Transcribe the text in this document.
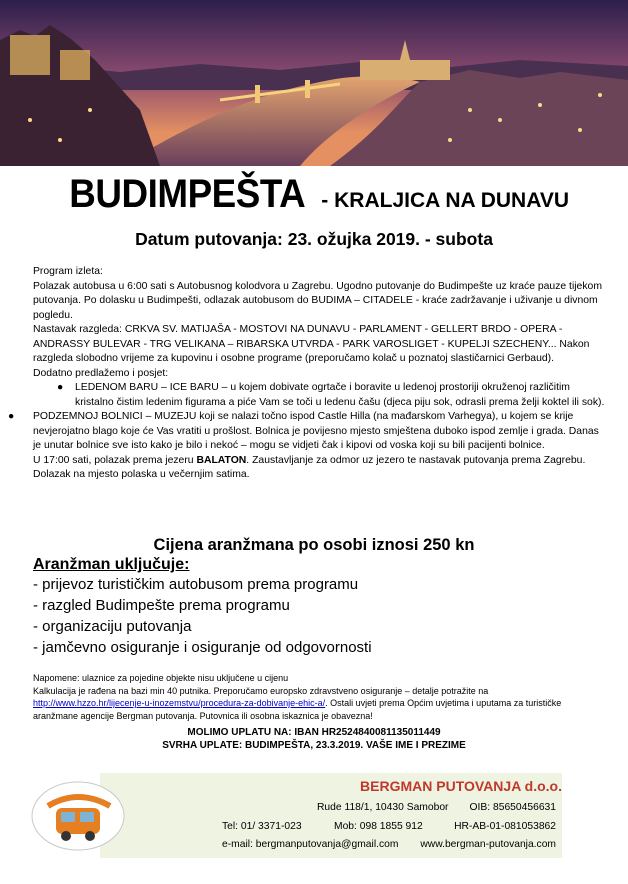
BUDIMPEŠTA - KRALJICA NA DUNAVU
Datum putovanja: 23. ožujka 2019. - subota

Program izleta:

Polazak autobusa u 6:00 sati s Autobusnog kolodvora u Zagrebu. Ugodno putovanje do Budimpešte uz kraće pauze tijekom putovanja. Po dolasku u Budimpešti, odlazak autobusom do BUDIMA – CITADELE - kraće zadržavanje i uživanje u divnom pogledu.

Nastavak razgleda: CRKVA SV. MATIJAŠA - MOSTOVI NA DUNAVU - PARLAMENT - GELLERT BRDO - OPERA - ANDRASSY BULEVAR - TRG VELIKANA – RIBARSKA UTVRDA - PARK VAROSLIGET - KUPELJI SZECHENY... Nakon razgleda slobodno vrijeme za kupovinu i osobne programe (preporučamo kolač u poznatoj slastičarnici Gerbaud).

Dodatno predlažemo i posjet:

● LEDENOM BARU – ICE BARU – u kojem dobivate ogrtače i boravite u ledenoj prostoriji okruženoj različitim kristalno čistim ledenim figurama a piće Vam se toči u ledenu čašu (djeca piju sok, odrasli prema želji koktel ili sok).

● PODZEMNOJ BOLNICI – MUZEJU koji se nalazi točno ispod Castle Hilla (na mađarskom Varhegya), u kojem se krije nevjerojatno blago koje će Vas vratiti u prošlost. Bolnica je povijesno mjesto smještena duboko ispod zemlje i grada. Danas je unutar bolnice sve isto kako je bilo i nekoć – mogu se vidjeti čak i kipovi od voska koji su bili pacijenti bolnice.

U 17:00 sati, polazak prema jezeru BALATON. Zaustavljanje za odmor uz jezero te nastavak putovanja prema Zagrebu.

Dolazak na mjesto polaska u večernjim satima.

Cijena aranžmana po osobi iznosi 250 kn
Aranžman uključuje:
- prijevoz turističkim autobusom prema programu
- razgled Budimpešte prema programu
- organizaciju putovanja
- jamčevno osiguranje i osiguranje od odgovornosti
Napomene: ulaznice za pojedine objekte nisu uključene u cijenu
Kalkulacija je rađena na bazi min 40 putnika. Preporučamo europsko zdravstveno osiguranje – detalje potražite na
http://www.hzzo.hr/lijecenje-u-inozemstvu/procedura-za-dobivanje-ehic-a/. Ostali uvjeti prema Općim uvjetima i uputama za turističke aranžmane agencije Bergman putovanja. Putovnica ili osobna iskaznica je obavezna!
MOLIMO UPLATU NA: IBAN HR2524840081135011449
SVRHA UPLATE: BUDIMPEŠTA, 23.3.2019. VAŠE IME I PREZIME
BERGMAN PUTOVANJA d.o.o.
Rude 118/1, 10430 Samobor OIB: 85650456631
Tel: 01/ 3371-023	Mob: 098 1855 912	HR-AB-01-081053862
e-mail: bergmanputovanja@gmail.com www.bergman-putovanja.com
